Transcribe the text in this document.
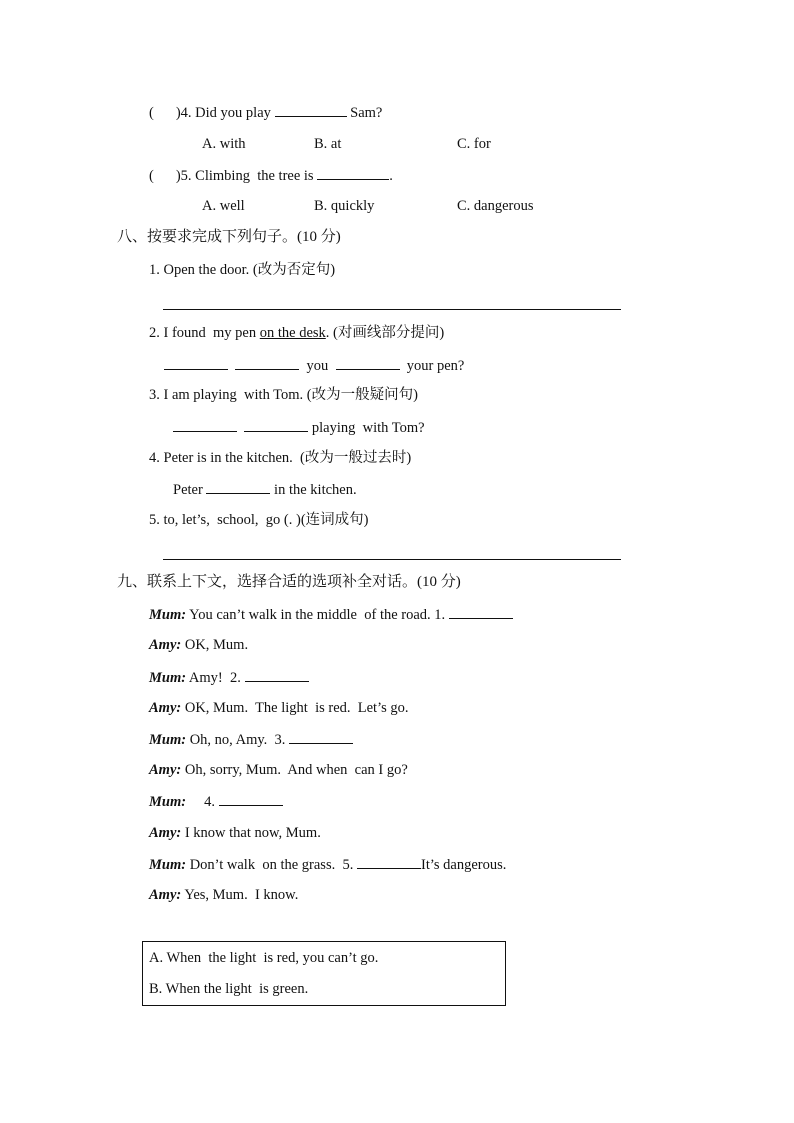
( )4. Did you play	Sam?
A. with	B. at	C. for
( )5. Climbing  the tree is	.
A. well	B. quickly	C. dangerous
八、按要求完成下列句子。(10 分)
1. Open the door. (改为否定句)
2. I found  my pen on the desk. (对画线部分提问)
you	your pen?
3. I am playing  with Tom. (改为一般疑问句)
playing  with Tom?
4. Peter is in the kitchen.  (改为一般过去时)
Peter	in the kitchen.
5. to, let’s,  school,  go (. )(连词成句)
九、联系上下文，选择合适的选项补全对话。(10 分)
Mum: You can’t walk in the middle  of the road. 1.
Amy: OK, Mum.
Mum: Amy!  2.
Amy: OK, Mum.  The light  is red.  Let’s go.
Mum: Oh, no, Amy.  3.
Amy: Oh, sorry, Mum.  And when  can I go?
Mum: 4.
Amy: I know that now, Mum.
Mum: Don’t walk  on the grass.  5.	It’s dangerous.
Amy: Yes, Mum.  I know.
A. When  the light  is red, you can’t go.
B. When the light  is green.
